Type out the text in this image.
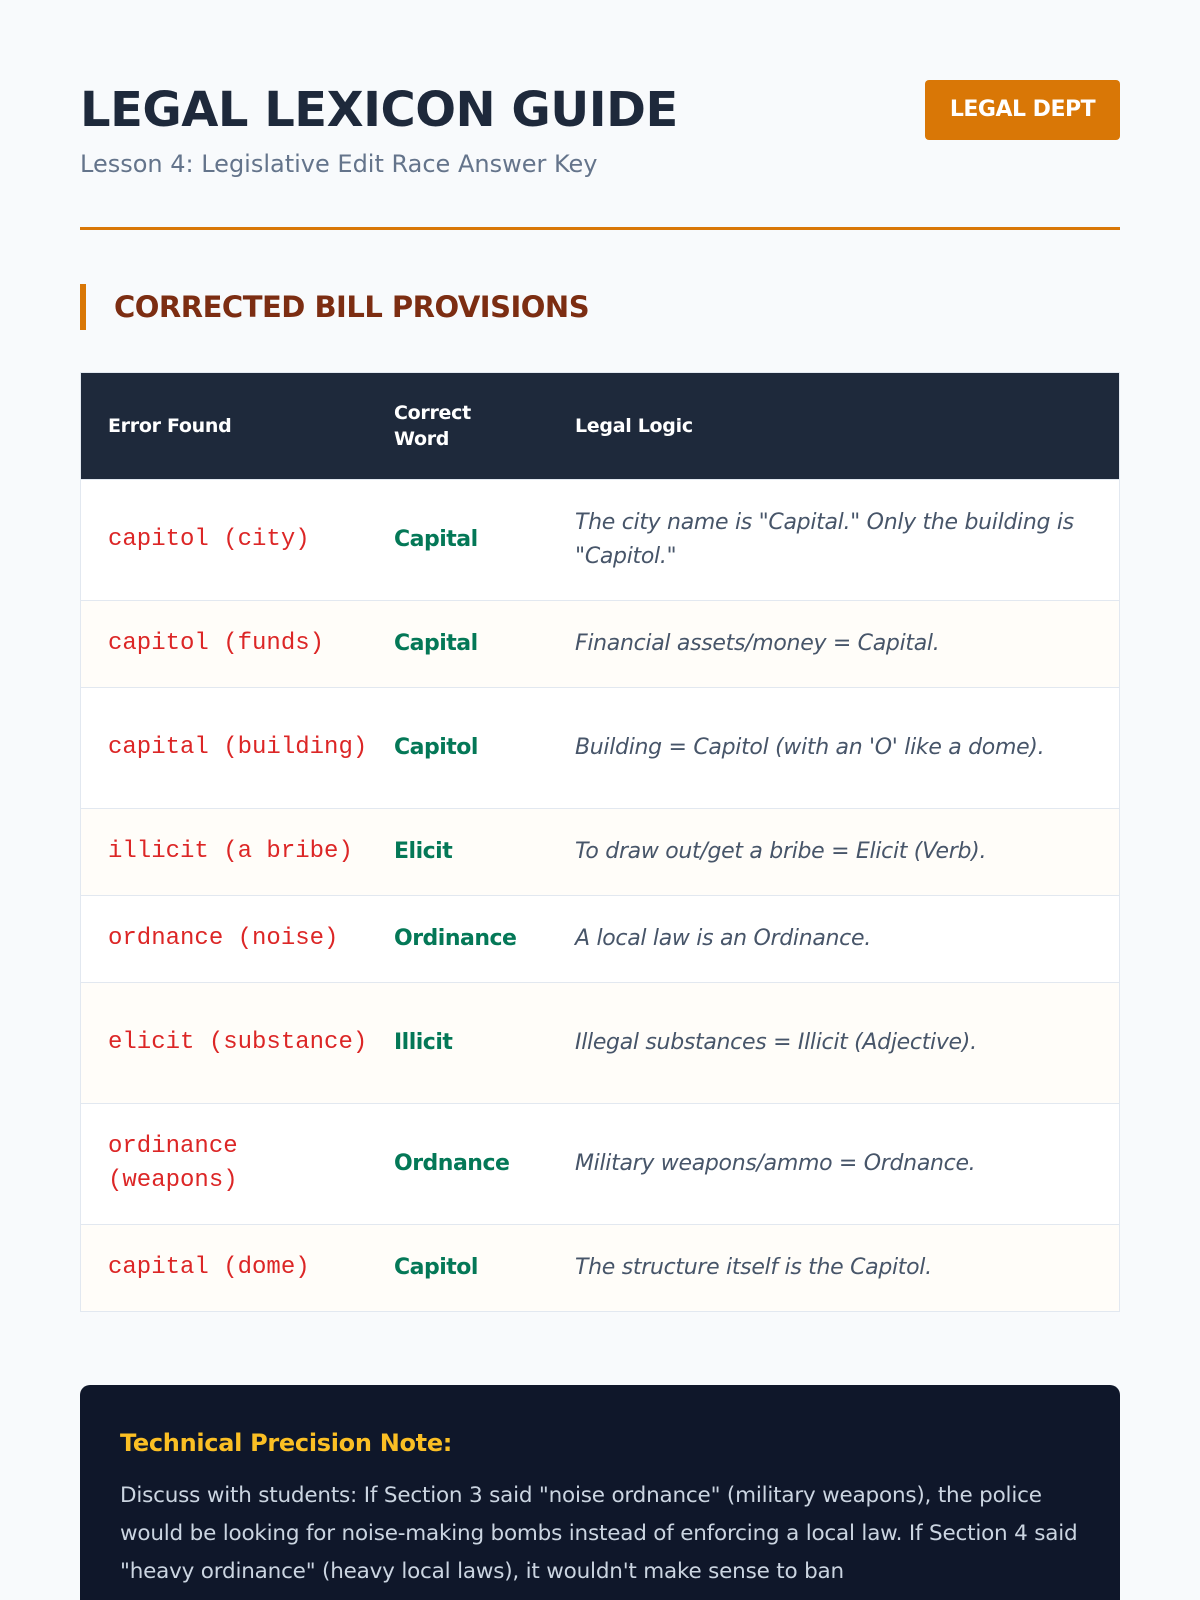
LEGAL LEXICON GUIDE
Lesson 4: Legislative Edit Race Answer Key
LEGAL DEPT
CORRECTED BILL PROVISIONS
Error Found	Correct Word	Legal Logic
capitol (city)	Capital	The city name is "Capital." Only the building is "Capitol."
capitol (funds)	Capital	Financial assets/money = Capital.
capital (building)	Capitol	Building = Capitol (with an 'O' like a dome).
illicit (a bribe)	Elicit	To draw out/get a bribe = Elicit (Verb).
ordnance (noise)	Ordinance	A local law is an Ordinance.
elicit (substance)	Illicit	Illegal substances = Illicit (Adjective).
ordinance (weapons)	Ordnance	Military weapons/ammo = Ordnance.
capital (dome)	Capitol	The structure itself is the Capitol.
Technical Precision Note:
Discuss with students: If Section 3 said "noise ordnance" (military weapons), the police would be looking for noise-making bombs instead of enforcing a local law. If Section 4 said "heavy ordinance" (heavy local laws), it wouldn't make sense to ban
